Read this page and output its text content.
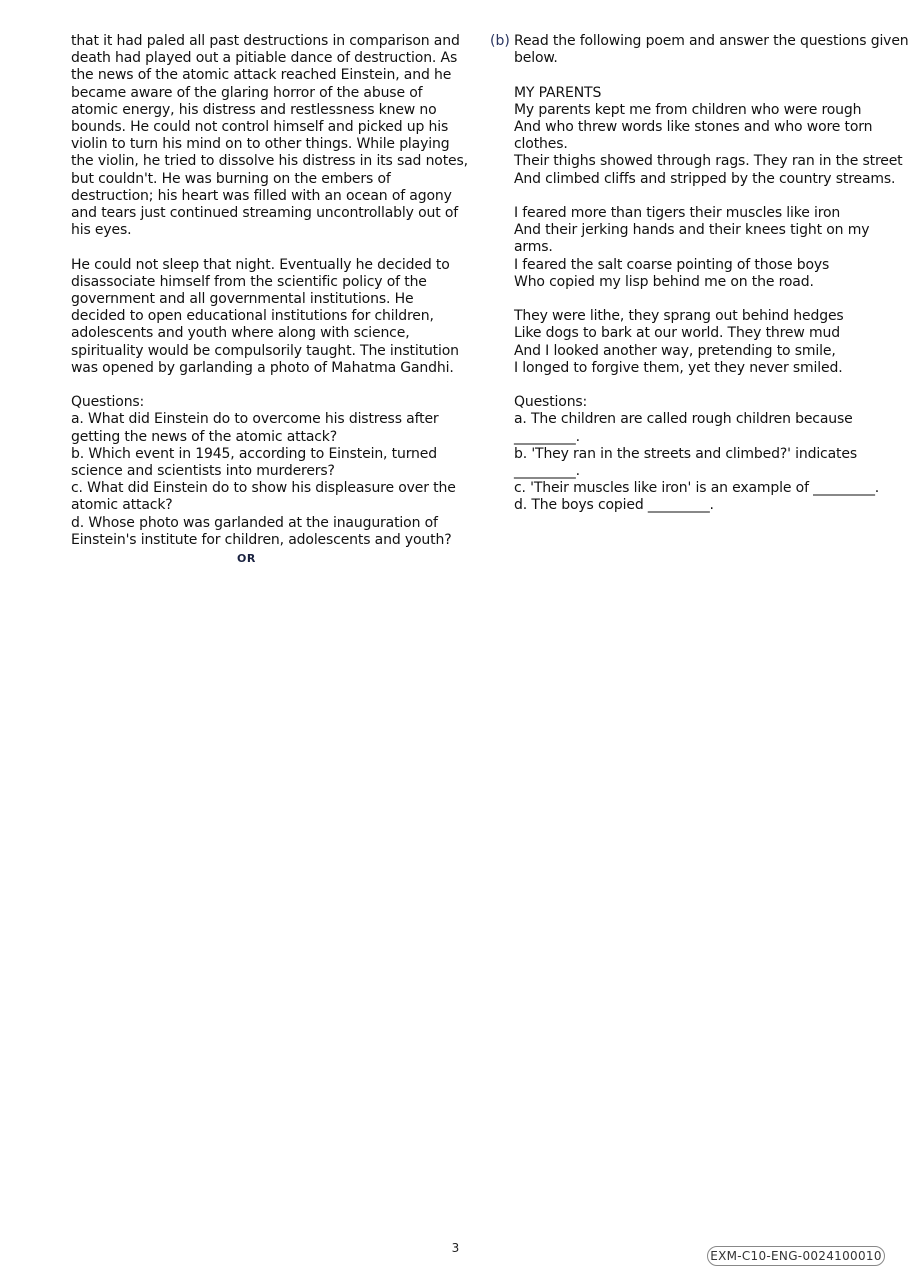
that it had paled all past destructions in comparison and
death had played out a pitiable dance of destruction. As
the news of the atomic attack reached Einstein, and he
became aware of the glaring horror of the abuse of
atomic energy, his distress and restlessness knew no
bounds. He could not control himself and picked up his
violin to turn his mind on to other things. While playing
the violin, he tried to dissolve his distress in its sad notes,
but couldn't. He was burning on the embers of
destruction; his heart was filled with an ocean of agony
and tears just continued streaming uncontrollably out of
his eyes.
He could not sleep that night. Eventually he decided to
disassociate himself from the scientific policy of the
government and all governmental institutions. He
decided to open educational institutions for children,
adolescents and youth where along with science,
spirituality would be compulsorily taught. The institution
was opened by garlanding a photo of Mahatma Gandhi.
Questions:
a. What did Einstein do to overcome his distress after
getting the news of the atomic attack?
b. Which event in 1945, according to Einstein, turned
science and scientists into murderers?
c. What did Einstein do to show his displeasure over the
atomic attack?
d. Whose photo was garlanded at the inauguration of
Einstein's institute for children, adolescents and youth?
OR
(b) Read the following poem and answer the questions given
below.
MY PARENTS
My parents kept me from children who were rough
And who threw words like stones and who wore torn
clothes.
Their thighs showed through rags. They ran in the street
And climbed cliffs and stripped by the country streams.
I feared more than tigers their muscles like iron
And their jerking hands and their knees tight on my
arms.
I feared the salt coarse pointing of those boys
Who copied my lisp behind me on the road.
They were lithe, they sprang out behind hedges
Like dogs to bark at our world. They threw mud
And I looked another way, pretending to smile,
I longed to forgive them, yet they never smiled.
Questions:
a. The children are called rough children because
_________.
b. 'They ran in the streets and climbed?' indicates
_________.
c. 'Their muscles like iron' is an example of _________.
d. The boys copied _________.
3
EXM-C10-ENG-0024100010
